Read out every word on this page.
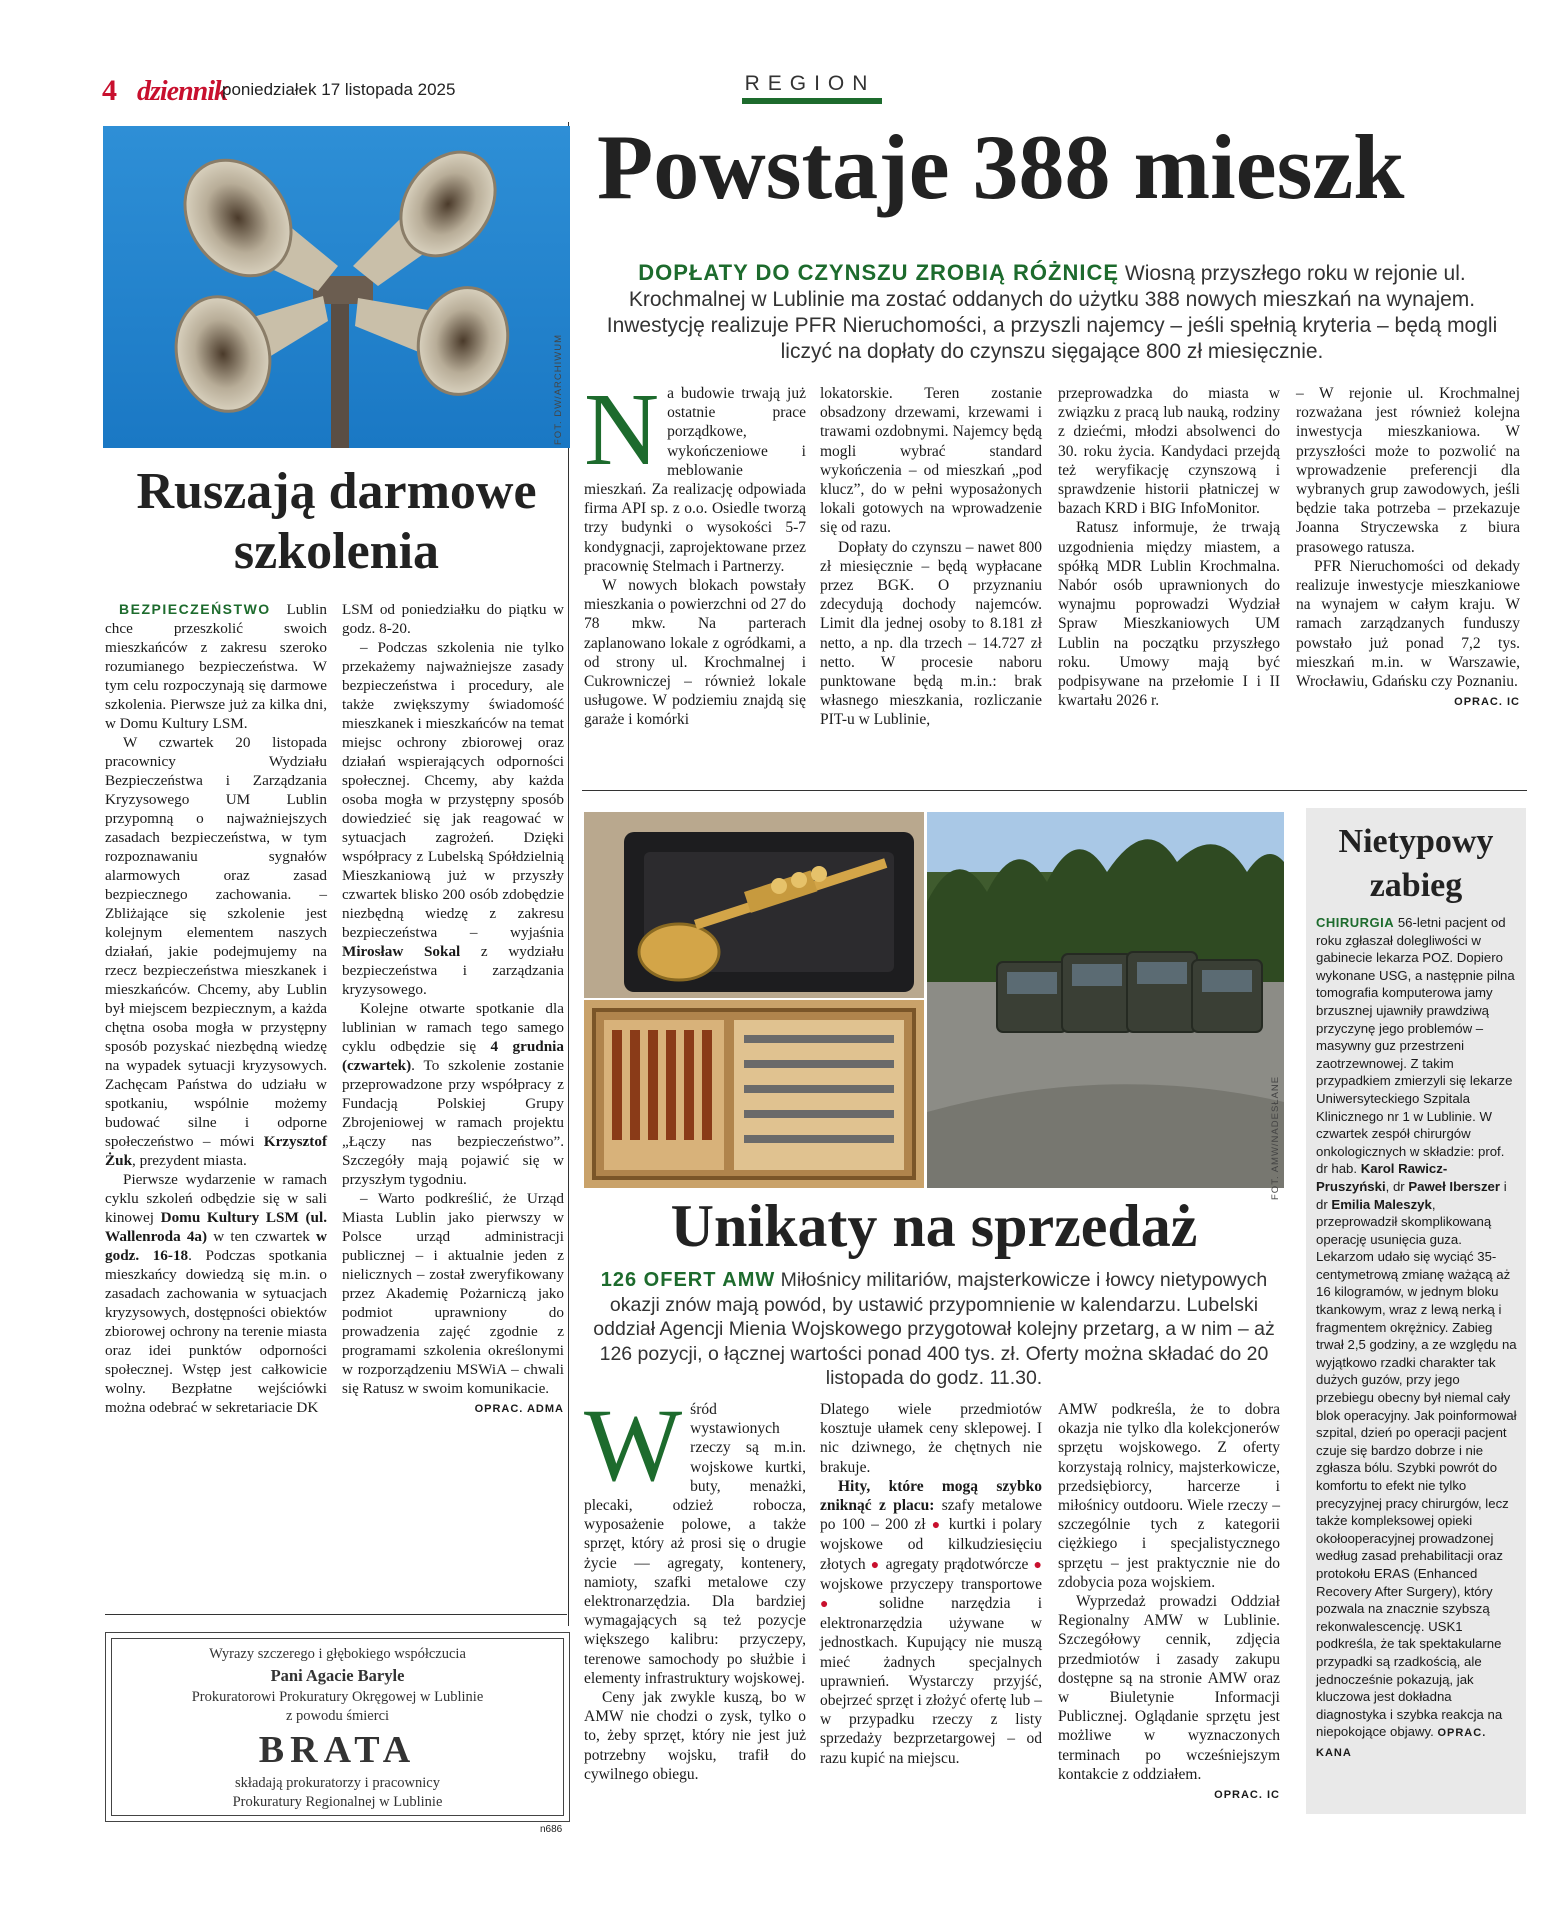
4 dziennik
poniedziałek 17 listopada 2025	REGION
FOT. DW/ARCHIWUM
Ruszają darmowe
szkolenia

BEZPIECZEŃSTWO Lublin chce przeszkolić swoich mieszkańców z zakresu szeroko rozumianego bezpieczeństwa. W tym celu rozpoczynają się darmowe szkolenia. Pierwsze już za kilka dni, w Domu Kultury LSM.

W czwartek 20 listopada pracownicy Wydziału Bezpieczeństwa i Zarządzania Kryzysowego UM Lublin przypomną o najważniejszych zasadach bezpieczeństwa, w tym rozpoznawaniu sygnałów alarmowych oraz zasad bezpiecznego zachowania. – Zbliżające się szkolenie jest kolejnym elementem naszych działań, jakie podejmujemy na rzecz bezpieczeństwa mieszkanek i mieszkańców. Chcemy, aby Lublin był miejscem bezpiecznym, a każda chętna osoba mogła w przystępny sposób pozyskać niezbędną wiedzę na wypadek sytuacji kryzysowych. Zachęcam Państwa do udziału w spotkaniu, wspólnie możemy budować silne i odporne społeczeństwo – mówi Krzysztof Żuk, prezydent miasta.

Pierwsze wydarzenie w ramach cyklu szkoleń odbędzie się w sali kinowej Domu Kultury LSM (ul. Wallenroda 4a) w ten czwartek w godz. 16-18. Podczas spotkania mieszkańcy dowiedzą się m.in. o zasadach zachowania w sytuacjach kryzysowych, dostępności obiektów zbiorowej ochrony na terenie miasta oraz idei punktów odporności społecznej. Wstęp jest całkowicie wolny. Bezpłatne wejściówki można odebrać w sekretariacie DK

LSM od poniedziałku do piątku w godz. 8-20.

– Podczas szkolenia nie tylko przekażemy najważniejsze zasady bezpieczeństwa i procedury, ale także zwiększymy świadomość mieszkanek i mieszkańców na temat miejsc ochrony zbiorowej oraz działań wspierających odporności społecznej. Chcemy, aby każda osoba mogła w przystępny sposób dowiedzieć się jak reagować w sytuacjach zagrożeń. Dzięki współpracy z Lubelską Spółdzielnią Mieszkaniową już w przyszły czwartek blisko 200 osób zdobędzie niezbędną wiedzę z zakresu bezpieczeństwa – wyjaśnia Mirosław Sokal z wydziału bezpieczeństwa i zarządzania kryzysowego.

Kolejne otwarte spotkanie dla lublinian w ramach tego samego cyklu odbędzie się 4 grudnia (czwartek). To szkolenie zostanie przeprowadzone przy współpracy z Fundacją Polskiej Grupy Zbrojeniowej w ramach projektu „Łączy nas bezpieczeństwo”. Szczegóły mają pojawić się w przyszłym tygodniu.

– Warto podkreślić, że Urząd Miasta Lublin jako pierwszy w Polsce urząd administracji publicznej – i aktualnie jeden z nielicznych – został zweryfikowany przez Akademię Pożarniczą jako podmiot uprawniony do prowadzenia zajęć zgodnie z programami szkolenia określonymi w rozporządzeniu MSWiA – chwali się Ratusz w swoim komunikacie.

OPRAC. ADMA
Wyrazy szczerego i głębokiego współczucia
Pani Agacie Baryle
Prokuratorowi Prokuratury Okręgowej w Lublinie
z powodu śmierci
BRATA
składają prokuratorzy i pracownicy
Prokuratury Regionalnej w Lublinie
n686
Powstaje 388 mieszk
DOPŁATY DO CZYNSZU ZROBIĄ RÓŻNICĘ Wiosną przyszłego roku w rejonie ul. Krochmalnej w Lublinie ma zostać oddanych do użytku 388 nowych mieszkań na wynajem. Inwestycję realizuje PFR Nieruchomości, a przyszli najemcy – jeśli spełnią kryteria – będą mogli liczyć na dopłaty do czynszu sięgające 800 zł miesięcznie.

Na budowie trwają już ostatnie prace porządkowe, wykończeniowe i meblowanie mieszkań. Za realizację odpowiada firma API sp. z o.o. Osiedle tworzą trzy budynki o wysokości 5-7 kondygnacji, zaprojektowane przez pracownię Stelmach i Partnerzy.

W nowych blokach powstały mieszkania o powierzchni od 27 do 78 mkw. Na parterach zaplanowano lokale z ogródkami, a od strony ul. Krochmalnej i Cukrowniczej – również lokale usługowe. W podziemiu znajdą się garaże i komórki

lokatorskie. Teren zostanie obsadzony drzewami, krzewami i trawami ozdobnymi. Najemcy będą mogli wybrać standard wykończenia – od mieszkań „pod klucz”, do w pełni wyposażonych lokali gotowych na wprowadzenie się od razu.

Dopłaty do czynszu – nawet 800 zł miesięcznie – będą wypłacane przez BGK. O przyznaniu zdecydują dochody najemców. Limit dla jednej osoby to 8.181 zł netto, a np. dla trzech – 14.727 zł netto. W procesie naboru punktowane będą m.in.: brak własnego mieszkania, rozliczanie PIT-u w Lublinie,

przeprowadzka do miasta w związku z pracą lub nauką, rodziny z dziećmi, młodzi absolwenci do 30. roku życia. Kandydaci przejdą też weryfikację czynszową i sprawdzenie historii płatniczej w bazach KRD i BIG InfoMonitor.

Ratusz informuje, że trwają uzgodnienia między miastem, a spółką MDR Lublin Krochmalna. Nabór osób uprawnionych do wynajmu poprowadzi Wydział Spraw Mieszkaniowych UM Lublin na początku przyszłego roku. Umowy mają być podpisywane na przełomie I i II kwartału 2026 r.

– W rejonie ul. Krochmalnej rozważana jest również kolejna inwestycja mieszkaniowa. W przyszłości może to pozwolić na wprowadzenie preferencji dla wybranych grup zawodowych, jeśli będzie taka potrzeba – przekazuje Joanna Stryczewska z biura prasowego ratusza.

PFR Nieruchomości od dekady realizuje inwestycje mieszkaniowe na wynajem w całym kraju. W ramach zarządzanych funduszy powstało już ponad 7,2 tys. mieszkań m.in. w Warszawie, Wrocławiu, Gdańsku czy Poznaniu.

OPRAC. IC
FOT. AMW/NADESŁANE
Unikaty na sprzedaż
126 OFERT AMW Miłośnicy militariów, majsterkowicze i łowcy nietypowych okazji znów mają powód, by ustawić przypomnienie w kalendarzu. Lubelski oddział Agencji Mienia Wojskowego przygotował kolejny przetarg, a w nim – aż 126 pozycji, o łącznej wartości ponad 400 tys. zł. Oferty można składać do 20 listopada do godz. 11.30.

Wśród wystawionych rzeczy są m.in. wojskowe kurtki, buty, menażki, plecaki, odzież robocza, wyposażenie polowe, a także sprzęt, który aż prosi się o drugie życie — agregaty, kontenery, namioty, szafki metalowe czy elektronarzędzia. Dla bardziej wymagających są też pozycje większego kalibru: przyczepy, terenowe samochody po służbie i elementy infrastruktury wojskowej.

Ceny jak zwykle kuszą, bo w AMW nie chodzi o zysk, tylko o to, żeby sprzęt, który nie jest już potrzebny wojsku, trafił do cywilnego obiegu.

Dlatego wiele przedmiotów kosztuje ułamek ceny sklepowej. I nic dziwnego, że chętnych nie brakuje.

Hity, które mogą szybko zniknąć z placu: szafy metalowe po 100 – 200 zł ● kurtki i polary wojskowe od kilkudziesięciu złotych ● agregaty prądotwórcze ● wojskowe przyczepy transportowe ● solidne narzędzia i elektronarzędzia używane w jednostkach. Kupujący nie muszą mieć żadnych specjalnych uprawnień. Wystarczy przyjść, obejrzeć sprzęt i złożyć ofertę lub – w przypadku rzeczy z listy sprzedaży bezprzetargowej – od razu kupić na miejscu.

AMW podkreśla, że to dobra okazja nie tylko dla kolekcjonerów sprzętu wojskowego. Z oferty korzystają rolnicy, majsterkowicze, przedsiębiorcy, harcerze i miłośnicy outdooru. Wiele rzeczy – szczególnie tych z kategorii ciężkiego i specjalistycznego sprzętu – jest praktycznie nie do zdobycia poza wojskiem.

Wyprzedaż prowadzi Oddział Regionalny AMW w Lublinie. Szczegółowy cennik, zdjęcia przedmiotów i zasady zakupu dostępne są na stronie AMW oraz w Biuletynie Informacji Publicznej. Oglądanie sprzętu jest możliwe w wyznaczonych terminach po wcześniejszym kontakcie z oddziałem.

OPRAC. IC
Nietypowy
zabieg
CHIRURGIA 56-letni pacjent od roku zgłaszał dolegliwości w gabinecie lekarza POZ. Dopiero wykonane USG, a następnie pilna tomografia komputerowa jamy brzusznej ujawniły prawdziwą przyczynę jego problemów – masywny guz przestrzeni zaotrzewnowej. Z takim przypadkiem zmierzyli się lekarze Uniwersyteckiego Szpitala Klinicznego nr 1 w Lublinie. W czwartek zespół chirurgów onkologicznych w składzie: prof. dr hab. Karol Rawicz-Pruszyński, dr Paweł Iberszer i dr Emilia Maleszyk, przeprowadził skomplikowaną operację usunięcia guza. Lekarzom udało się wyciąć 35-centymetrową zmianę ważącą aż 16 kilogramów, w jednym bloku tkankowym, wraz z lewą nerką i fragmentem okrężnicy. Zabieg trwał 2,5 godziny, a ze względu na wyjątkowo rzadki charakter tak dużych guzów, przy jego przebiegu obecny był niemal cały blok operacyjny. Jak poinformował szpital, dzień po operacji pacjent czuje się bardzo dobrze i nie zgłasza bólu. Szybki powrót do komfortu to efekt nie tylko precyzyjnej pracy chirurgów, lecz także kompleksowej opieki okołooperacyjnej prowadzonej według zasad prehabilitacji oraz protokołu ERAS (Enhanced Recovery After Surgery), który pozwala na znacznie szybszą rekonwalescencję. USK1 podkreśla, że tak spektakularne przypadki są rzadkością, ale jednocześnie pokazują, jak kluczowa jest dokładna diagnostyka i szybka reakcja na niepokojące objawy. OPRAC. KANA
